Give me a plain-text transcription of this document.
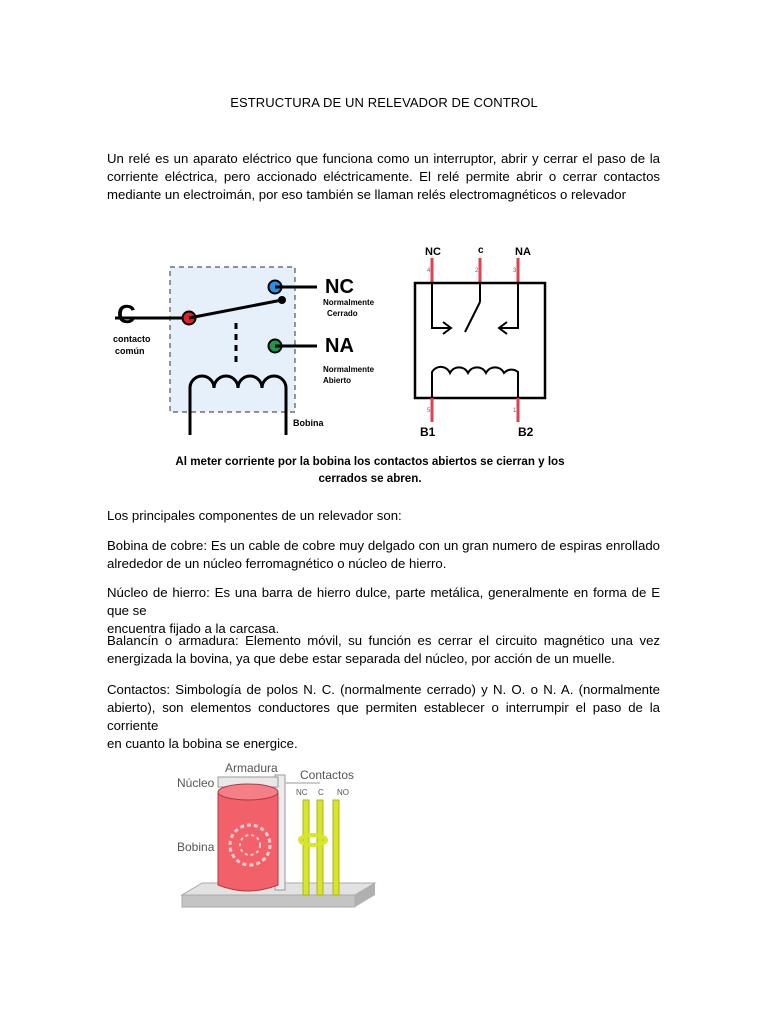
ESTRUCTURA DE UN RELEVADOR DE CONTROL
Un relé es un aparato eléctrico que funciona como un interruptor, abrir y cerrar el paso de la
corriente eléctrica, pero accionado eléctricamente. El relé permite abrir o cerrar contactos
mediante un electroimán, por eso también se llaman relés electromagnéticos o relevador
C
contacto
común
NC
Normalmente
Cerrado
NA
Normalmente
Abierto
Bobina
NC	c	NA
4	2	3
5	1
B1	B2
Al meter corriente por la bobina los contactos abiertos se cierran y los
cerrados se abren.
Los principales componentes de un relevador son:
Bobina de cobre: Es un cable de cobre muy delgado con un gran numero de espiras enrollado
alrededor de un núcleo ferromagnético o núcleo de hierro.
Núcleo de hierro: Es una barra de hierro dulce, parte metálica, generalmente en forma de E que se
encuentra fijado a la carcasa.
Balancín o armadura: Elemento móvil, su función es cerrar el circuito magnético una vez
energizada la bovina, ya que debe estar separada del núcleo, por acción de un muelle.
Contactos: Simbología de polos N. C. (normalmente cerrado) y N. O. o N. A. (normalmente
abierto), son elementos conductores que permiten establecer o interrumpir el paso de la corriente
en cuanto la bobina se energice.
Armadura
Núcleo
Contactos
NC C NO
Bobina
